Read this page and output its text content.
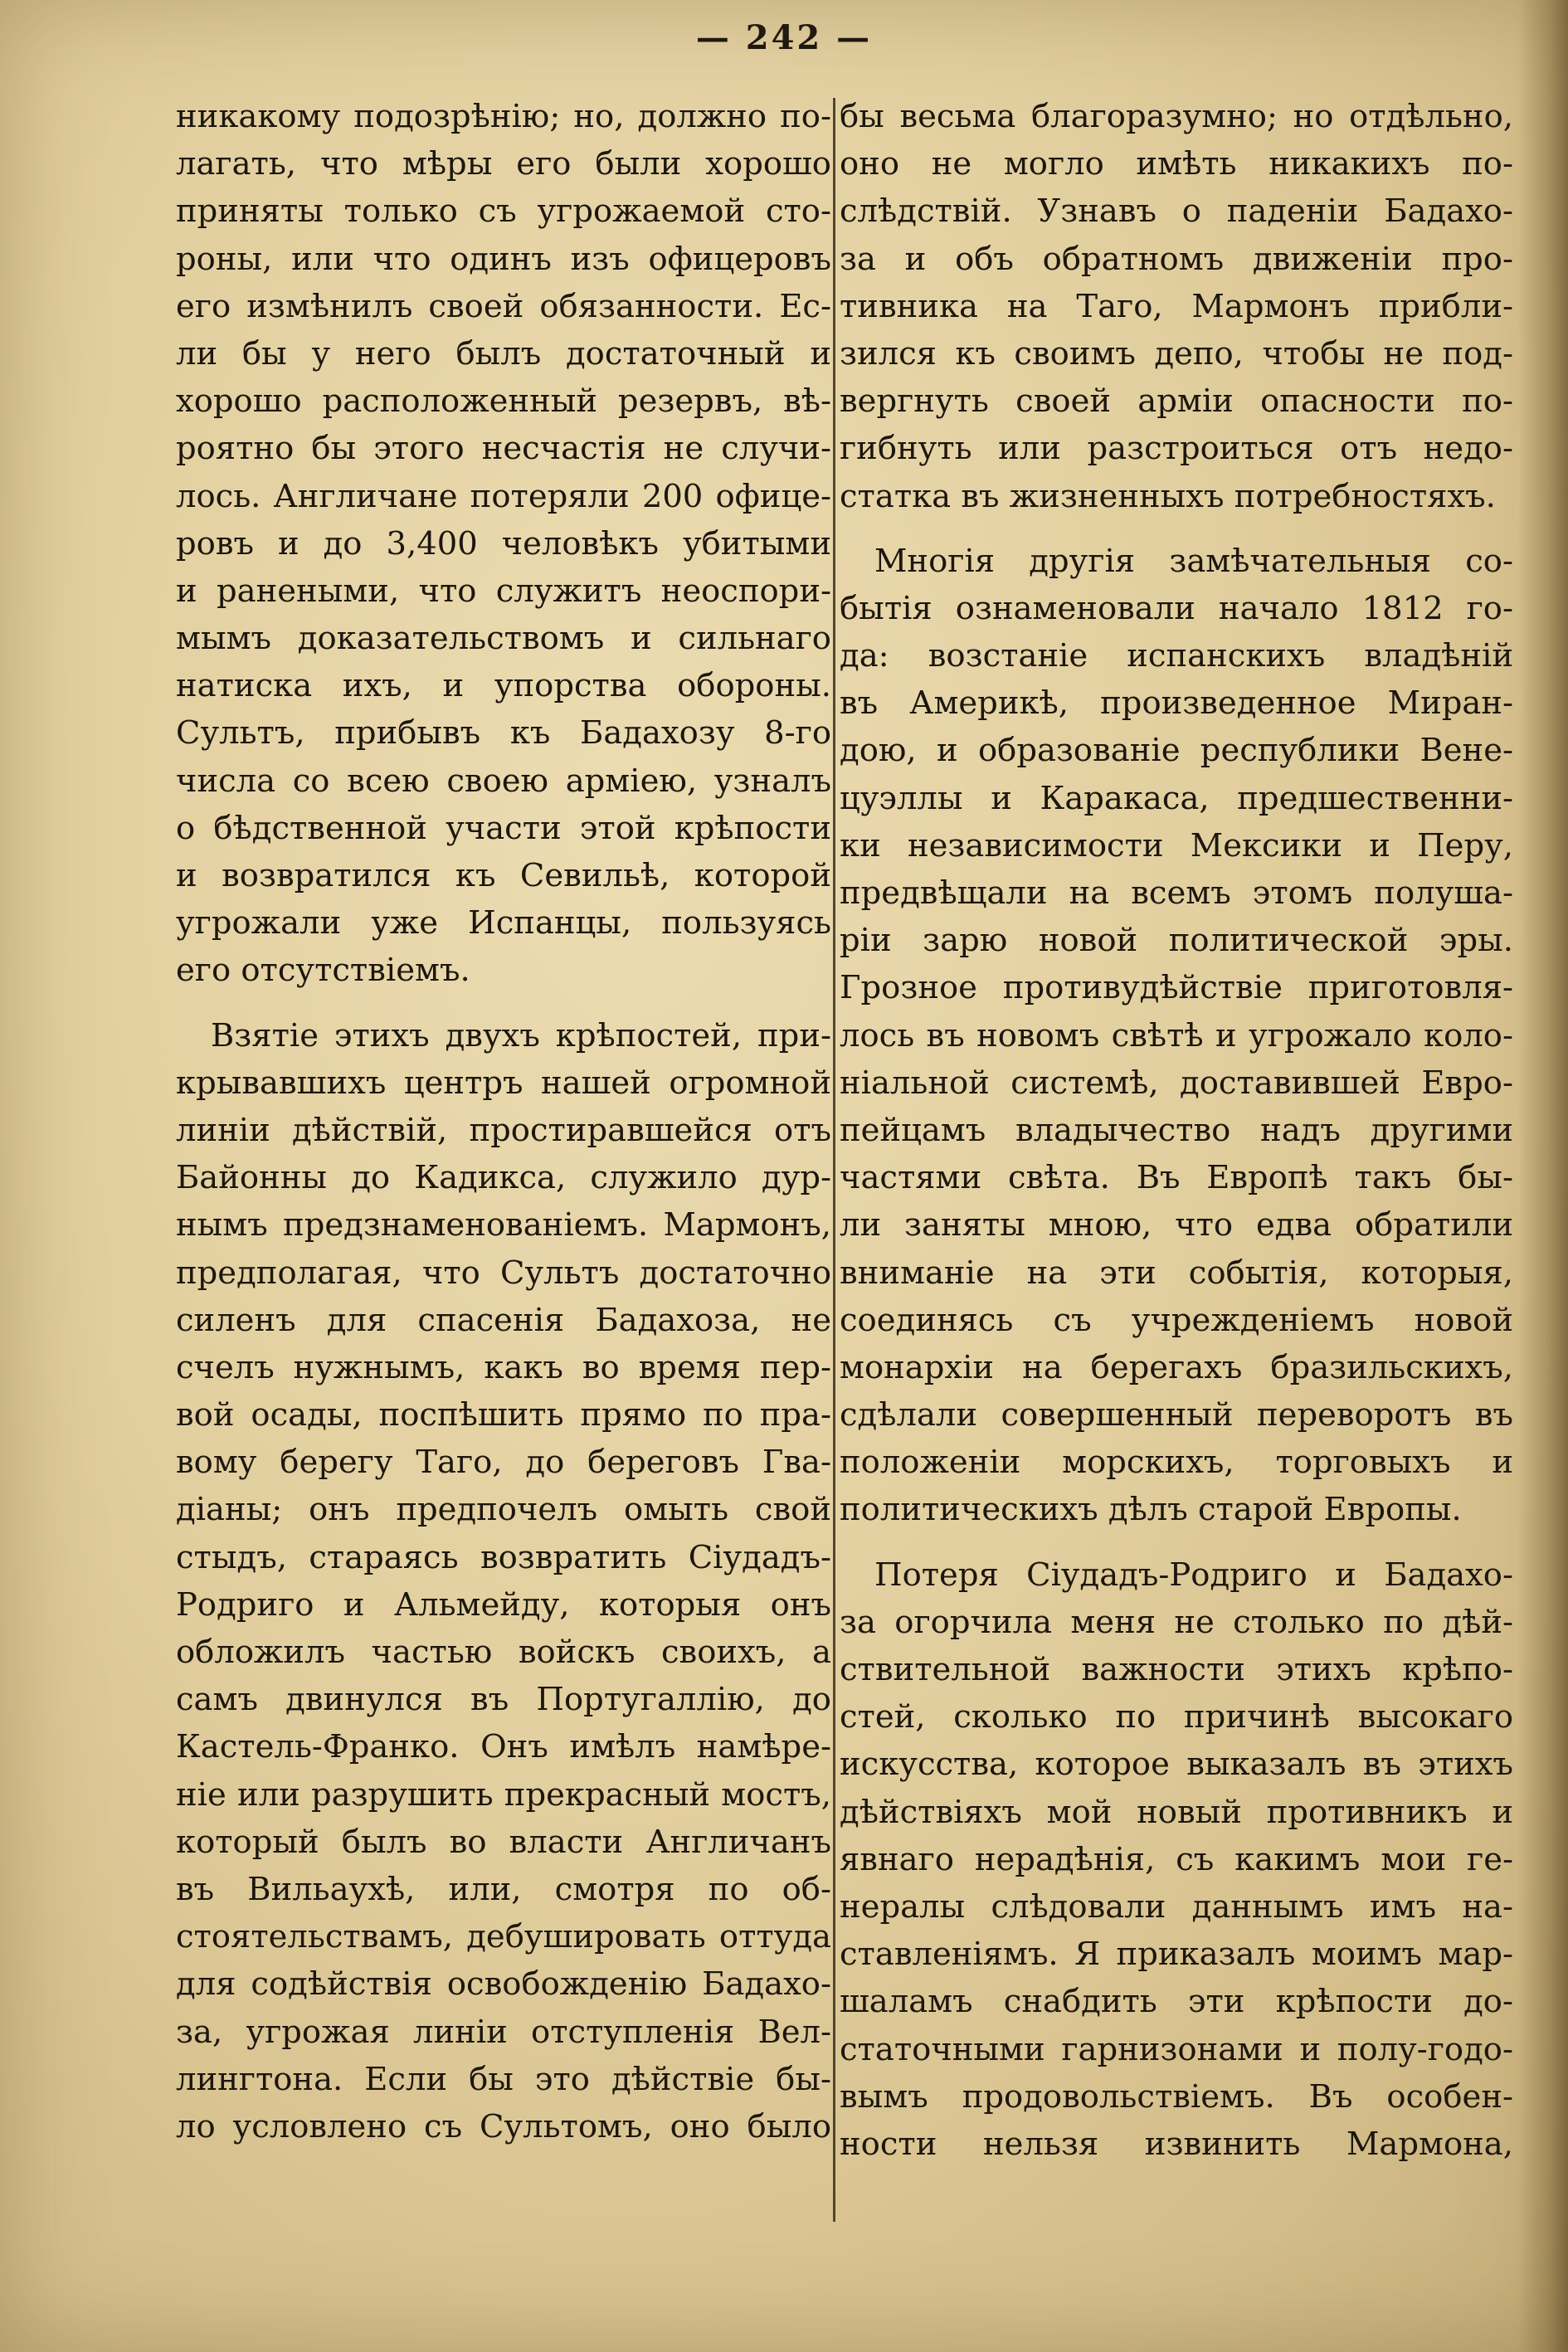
— 242 —
никакому подозрѣнію; но, должно по-
лагать, что мѣры его были хорошо
приняты только съ угрожаемой сто-
роны, или что одинъ изъ офицеровъ
его измѣнилъ своей обязанности. Ес-
ли бы у него былъ достаточный и
хорошо расположенный резервъ, вѣ-
роятно бы этого несчастія не случи-
лось. Англичане потеряли 200 офице-
ровъ и до 3,400 человѣкъ убитыми
и ранеными, что служитъ неоспори-
мымъ доказательствомъ и сильнаго
натиска ихъ, и упорства обороны.
Сультъ, прибывъ къ Бадахозу 8-го
числа со всею своею арміею, узналъ
о бѣдственной участи этой крѣпости
и возвратился къ Севильѣ, которой
угрожали уже Испанцы, пользуясь
его отсутствіемъ.
Взятіе этихъ двухъ крѣпостей, при-
крывавшихъ центръ нашей огромной
линіи дѣйствій, простиравшейся отъ
Байонны до Кадикса, служило дур-
нымъ предзнаменованіемъ. Мармонъ,
предполагая, что Сультъ достаточно
силенъ для спасенія Бадахоза, не
счелъ нужнымъ, какъ во время пер-
вой осады, поспѣшить прямо по пра-
вому берегу Таго, до береговъ Гва-
діаны; онъ предпочелъ омыть свой
стыдъ, стараясь возвратить Сіудадъ-
Родриго и Альмейду, которыя онъ
обложилъ частью войскъ своихъ, а
самъ двинулся въ Португаллію, до
Кастель-Франко. Онъ имѣлъ намѣре-
ніе или разрушить прекрасный мостъ,
который былъ во власти Англичанъ
въ Вильаухѣ, или, смотря по об-
стоятельствамъ, дебушировать оттуда
для содѣйствія освобожденію Бадахо-
за, угрожая линіи отступленія Вел-
лингтона. Если бы это дѣйствіе бы-
ло условлено съ Сультомъ, оно было
бы весьма благоразумно; но отдѣльно,
оно не могло имѣть никакихъ по-
слѣдствій. Узнавъ о паденіи Бадахо-
за и объ обратномъ движеніи про-
тивника на Таго, Мармонъ прибли-
зился къ своимъ депо, чтобы не под-
вергнуть своей арміи опасности по-
гибнуть или разстроиться отъ недо-
статка въ жизненныхъ потребностяхъ.
Многія другія замѣчательныя со-
бытія ознаменовали начало 1812 го-
да: возстаніе испанскихъ владѣній
въ Америкѣ, произведенное Миран-
дою, и образованіе республики Вене-
цуэллы и Каракаса, предшественни-
ки независимости Мексики и Перу,
предвѣщали на всемъ этомъ полуша-
ріи зарю новой политической эры.
Грозное противудѣйствіе приготовля-
лось въ новомъ свѣтѣ и угрожало коло-
ніальной системѣ, доставившей Евро-
пейцамъ владычество надъ другими
частями свѣта. Въ Европѣ такъ бы-
ли заняты мною, что едва обратили
вниманіе на эти событія, которыя,
соединясь съ учрежденіемъ новой
монархіи на берегахъ бразильскихъ,
сдѣлали совершенный переворотъ въ
положеніи морскихъ, торговыхъ и
политическихъ дѣлъ старой Европы.
Потеря Сіудадъ-Родриго и Бадахо-
за огорчила меня не столько по дѣй-
ствительной важности этихъ крѣпо-
стей, сколько по причинѣ высокаго
искусства, которое выказалъ въ этихъ
дѣйствіяхъ мой новый противникъ и
явнаго нерадѣнія, съ какимъ мои ге-
нералы слѣдовали даннымъ имъ на-
ставленіямъ. Я приказалъ моимъ мар-
шаламъ снабдить эти крѣпости до-
статочными гарнизонами и полу-годо-
вымъ продовольствіемъ. Въ особен-
ности нельзя извинить Мармона,
